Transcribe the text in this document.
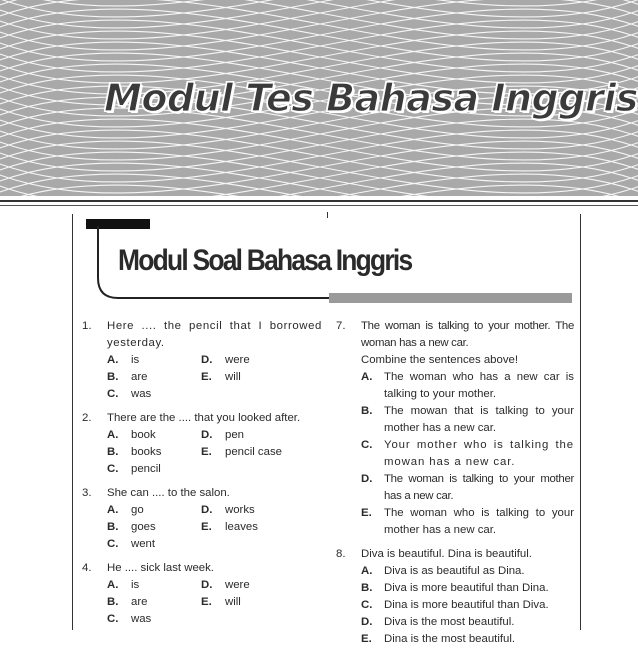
Modul Tes Bahasa Inggris
Modul Soal Bahasa Inggris
1.	Here .... the pencil that I borrowed yesterday.
A.	is	D.	were
B.	are	E.	will
C.	was
2.	There are the .... that you looked after.
A.	book	D.	pen
B.	books	E.	pencil case
C.	pencil
3.	She can .... to the salon.
A.	go	D.	works
B.	goes	E.	leaves
C.	went
4.	He .... sick last week.
A.	is	D.	were
B.	are	E.	will
C.	was
7.	The woman is talking to your mother. The woman has a new car.
Combine the sentences above!
A.	The woman who has a new car is talking to your mother.
B.	The mowan that is talking to your mother has a new car.
C.	Your mother who is talking the mowan has a new car.
D.	The woman is talking to your mother has a new car.
E.	The woman who is talking to your mother has a new car.
8.	Diva is beautiful. Dina is beautiful.
A.	Diva is as beautiful as Dina.
B.	Diva is more beautiful than Dina.
C.	Dina is more beautiful than Diva.
D.	Diva is the most beautiful.
E.	Dina is the most beautiful.
